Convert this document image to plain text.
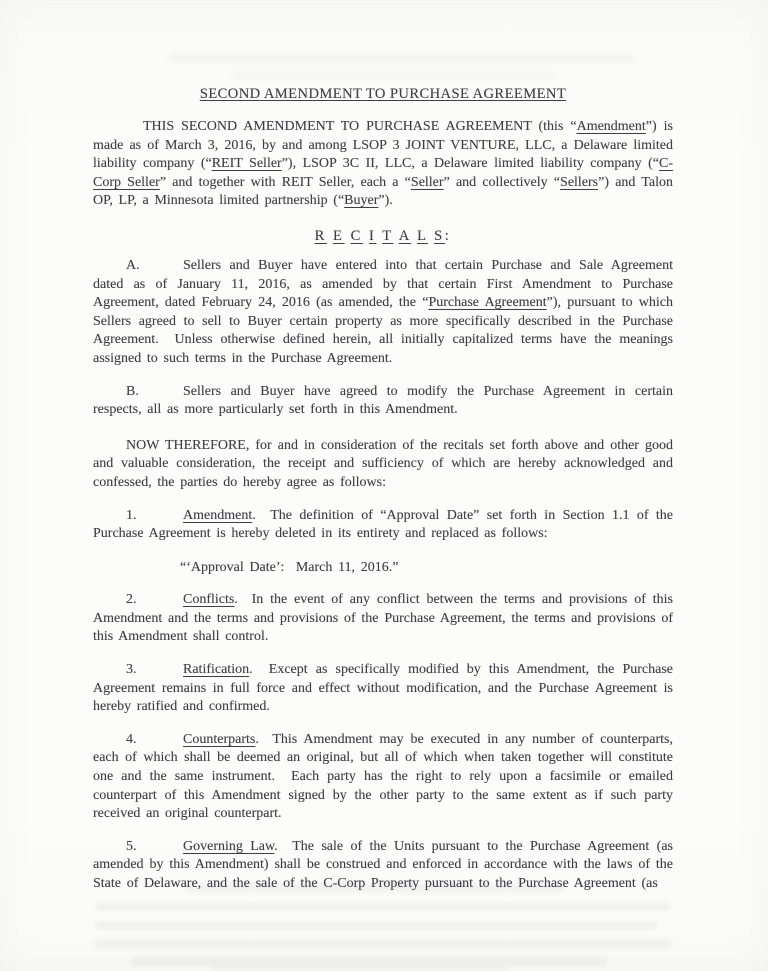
SECOND AMENDMENT TO PURCHASE AGREEMENT

THIS SECOND AMENDMENT TO PURCHASE AGREEMENT (this “Amendment”) is made as of March 3, 2016, by and among LSOP 3 JOINT VENTURE, LLC, a Delaware limited liability company (“REIT Seller”), LSOP 3C II, LLC, a Delaware limited liability company (“C-Corp Seller” and together with REIT Seller, each a “Seller” and collectively “Sellers”) and Talon OP, LP, a Minnesota limited partnership (“Buyer”).

R E C I T A L S:

A.	Sellers and Buyer have entered into that certain Purchase and Sale Agreement dated as of January 11, 2016, as amended by that certain First Amendment to Purchase Agreement, dated February 24, 2016 (as amended, the “Purchase Agreement”), pursuant to which Sellers agreed to sell to Buyer certain property as more specifically described in the Purchase Agreement.  Unless otherwise defined herein, all initially capitalized terms have the meanings assigned to such terms in the Purchase Agreement.

B.	Sellers and Buyer have agreed to modify the Purchase Agreement in certain respects, all as more particularly set forth in this Amendment.

NOW THEREFORE, for and in consideration of the recitals set forth above and other good and valuable consideration, the receipt and sufficiency of which are hereby acknowledged and confessed, the parties do hereby agree as follows:

1.	Amendment.  The definition of “Approval Date” set forth in Section 1.1 of the Purchase Agreement is hereby deleted in its entirety and replaced as follows:

“‘Approval Date’:  March 11, 2016.”

2.	Conflicts.  In the event of any conflict between the terms and provisions of this Amendment and the terms and provisions of the Purchase Agreement, the terms and provisions of this Amendment shall control.

3.	Ratification.  Except as specifically modified by this Amendment, the Purchase Agreement remains in full force and effect without modification, and the Purchase Agreement is hereby ratified and confirmed.

4.	Counterparts.  This Amendment may be executed in any number of counterparts, each of which shall be deemed an original, but all of which when taken together will constitute one and the same instrument.  Each party has the right to rely upon a facsimile or emailed counterpart of this Amendment signed by the other party to the same extent as if such party received an original counterpart.

5.	Governing Law.  The sale of the Units pursuant to the Purchase Agreement (as amended by this Amendment) shall be construed and enforced in accordance with the laws of the State of Delaware, and the sale of the C-Corp Property pursuant to the Purchase Agreement (as
